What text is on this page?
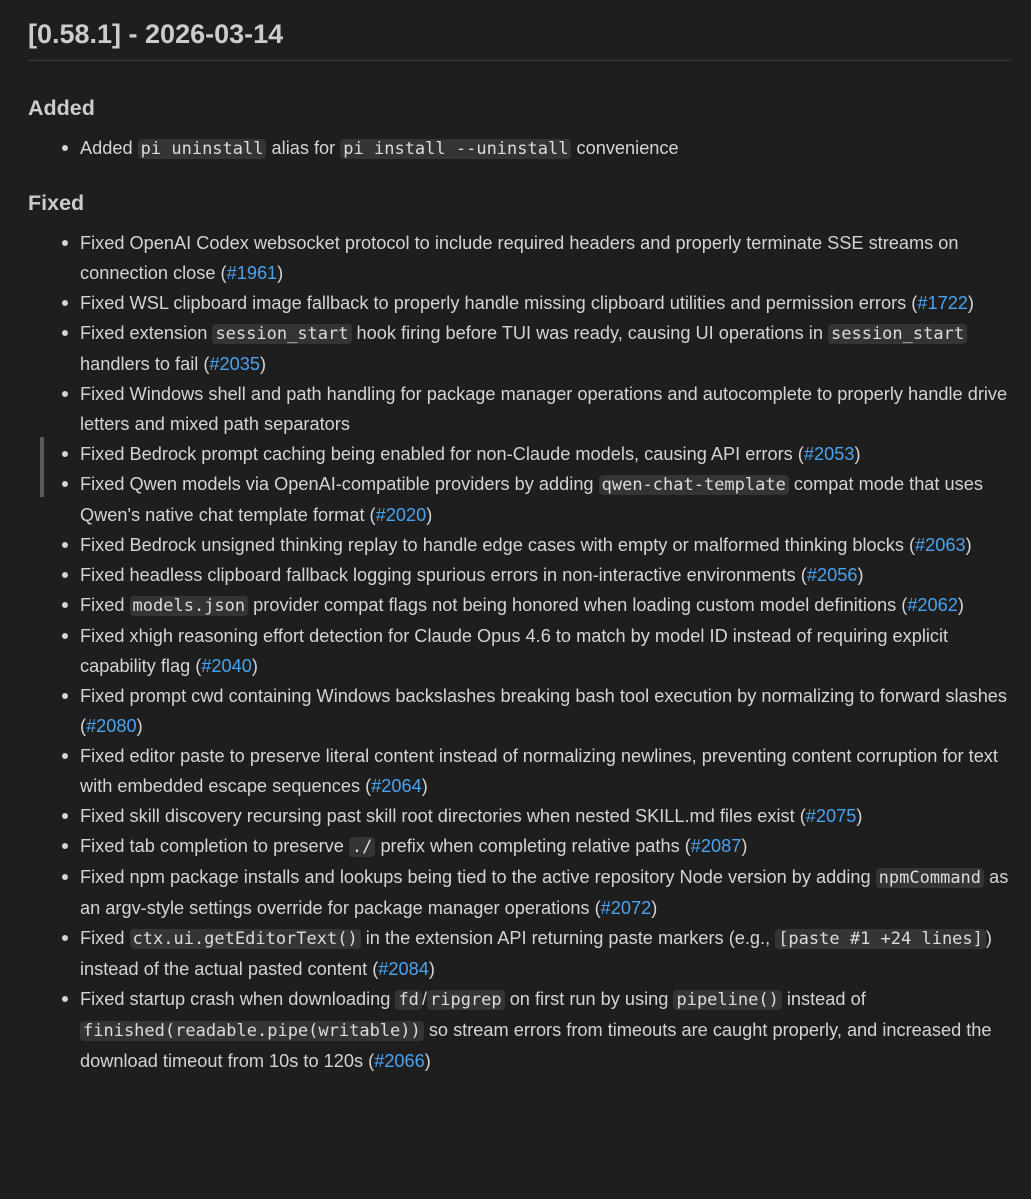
[0.58.1] - 2026-03-14
Added
Added pi uninstall alias for pi install --uninstall convenience
Fixed
Fixed OpenAI Codex websocket protocol to include required headers and properly terminate SSE streams on connection close (#1961)
Fixed WSL clipboard image fallback to properly handle missing clipboard utilities and permission errors (#1722)
Fixed extension session_start hook firing before TUI was ready, causing UI operations in session_start handlers to fail (#2035)
Fixed Windows shell and path handling for package manager operations and autocomplete to properly handle drive letters and mixed path separators
Fixed Bedrock prompt caching being enabled for non-Claude models, causing API errors (#2053)
Fixed Qwen models via OpenAI-compatible providers by adding qwen-chat-template compat mode that uses Qwen's native chat template format (#2020)
Fixed Bedrock unsigned thinking replay to handle edge cases with empty or malformed thinking blocks (#2063)
Fixed headless clipboard fallback logging spurious errors in non-interactive environments (#2056)
Fixed models.json provider compat flags not being honored when loading custom model definitions (#2062)
Fixed xhigh reasoning effort detection for Claude Opus 4.6 to match by model ID instead of requiring explicit capability flag (#2040)
Fixed prompt cwd containing Windows backslashes breaking bash tool execution by normalizing to forward slashes (#2080)
Fixed editor paste to preserve literal content instead of normalizing newlines, preventing content corruption for text with embedded escape sequences (#2064)
Fixed skill discovery recursing past skill root directories when nested SKILL.md files exist (#2075)
Fixed tab completion to preserve ./ prefix when completing relative paths (#2087)
Fixed npm package installs and lookups being tied to the active repository Node version by adding npmCommand as an argv-style settings override for package manager operations (#2072)
Fixed ctx.ui.getEditorText() in the extension API returning paste markers (e.g., [paste #1 +24 lines] ) instead of the actual pasted content (#2084)
Fixed startup crash when downloading fd / ripgrep on first run by using pipeline() instead of finished(readable.pipe(writable)) so stream errors from timeouts are caught properly, and increased the download timeout from 10s to 120s (#2066)
